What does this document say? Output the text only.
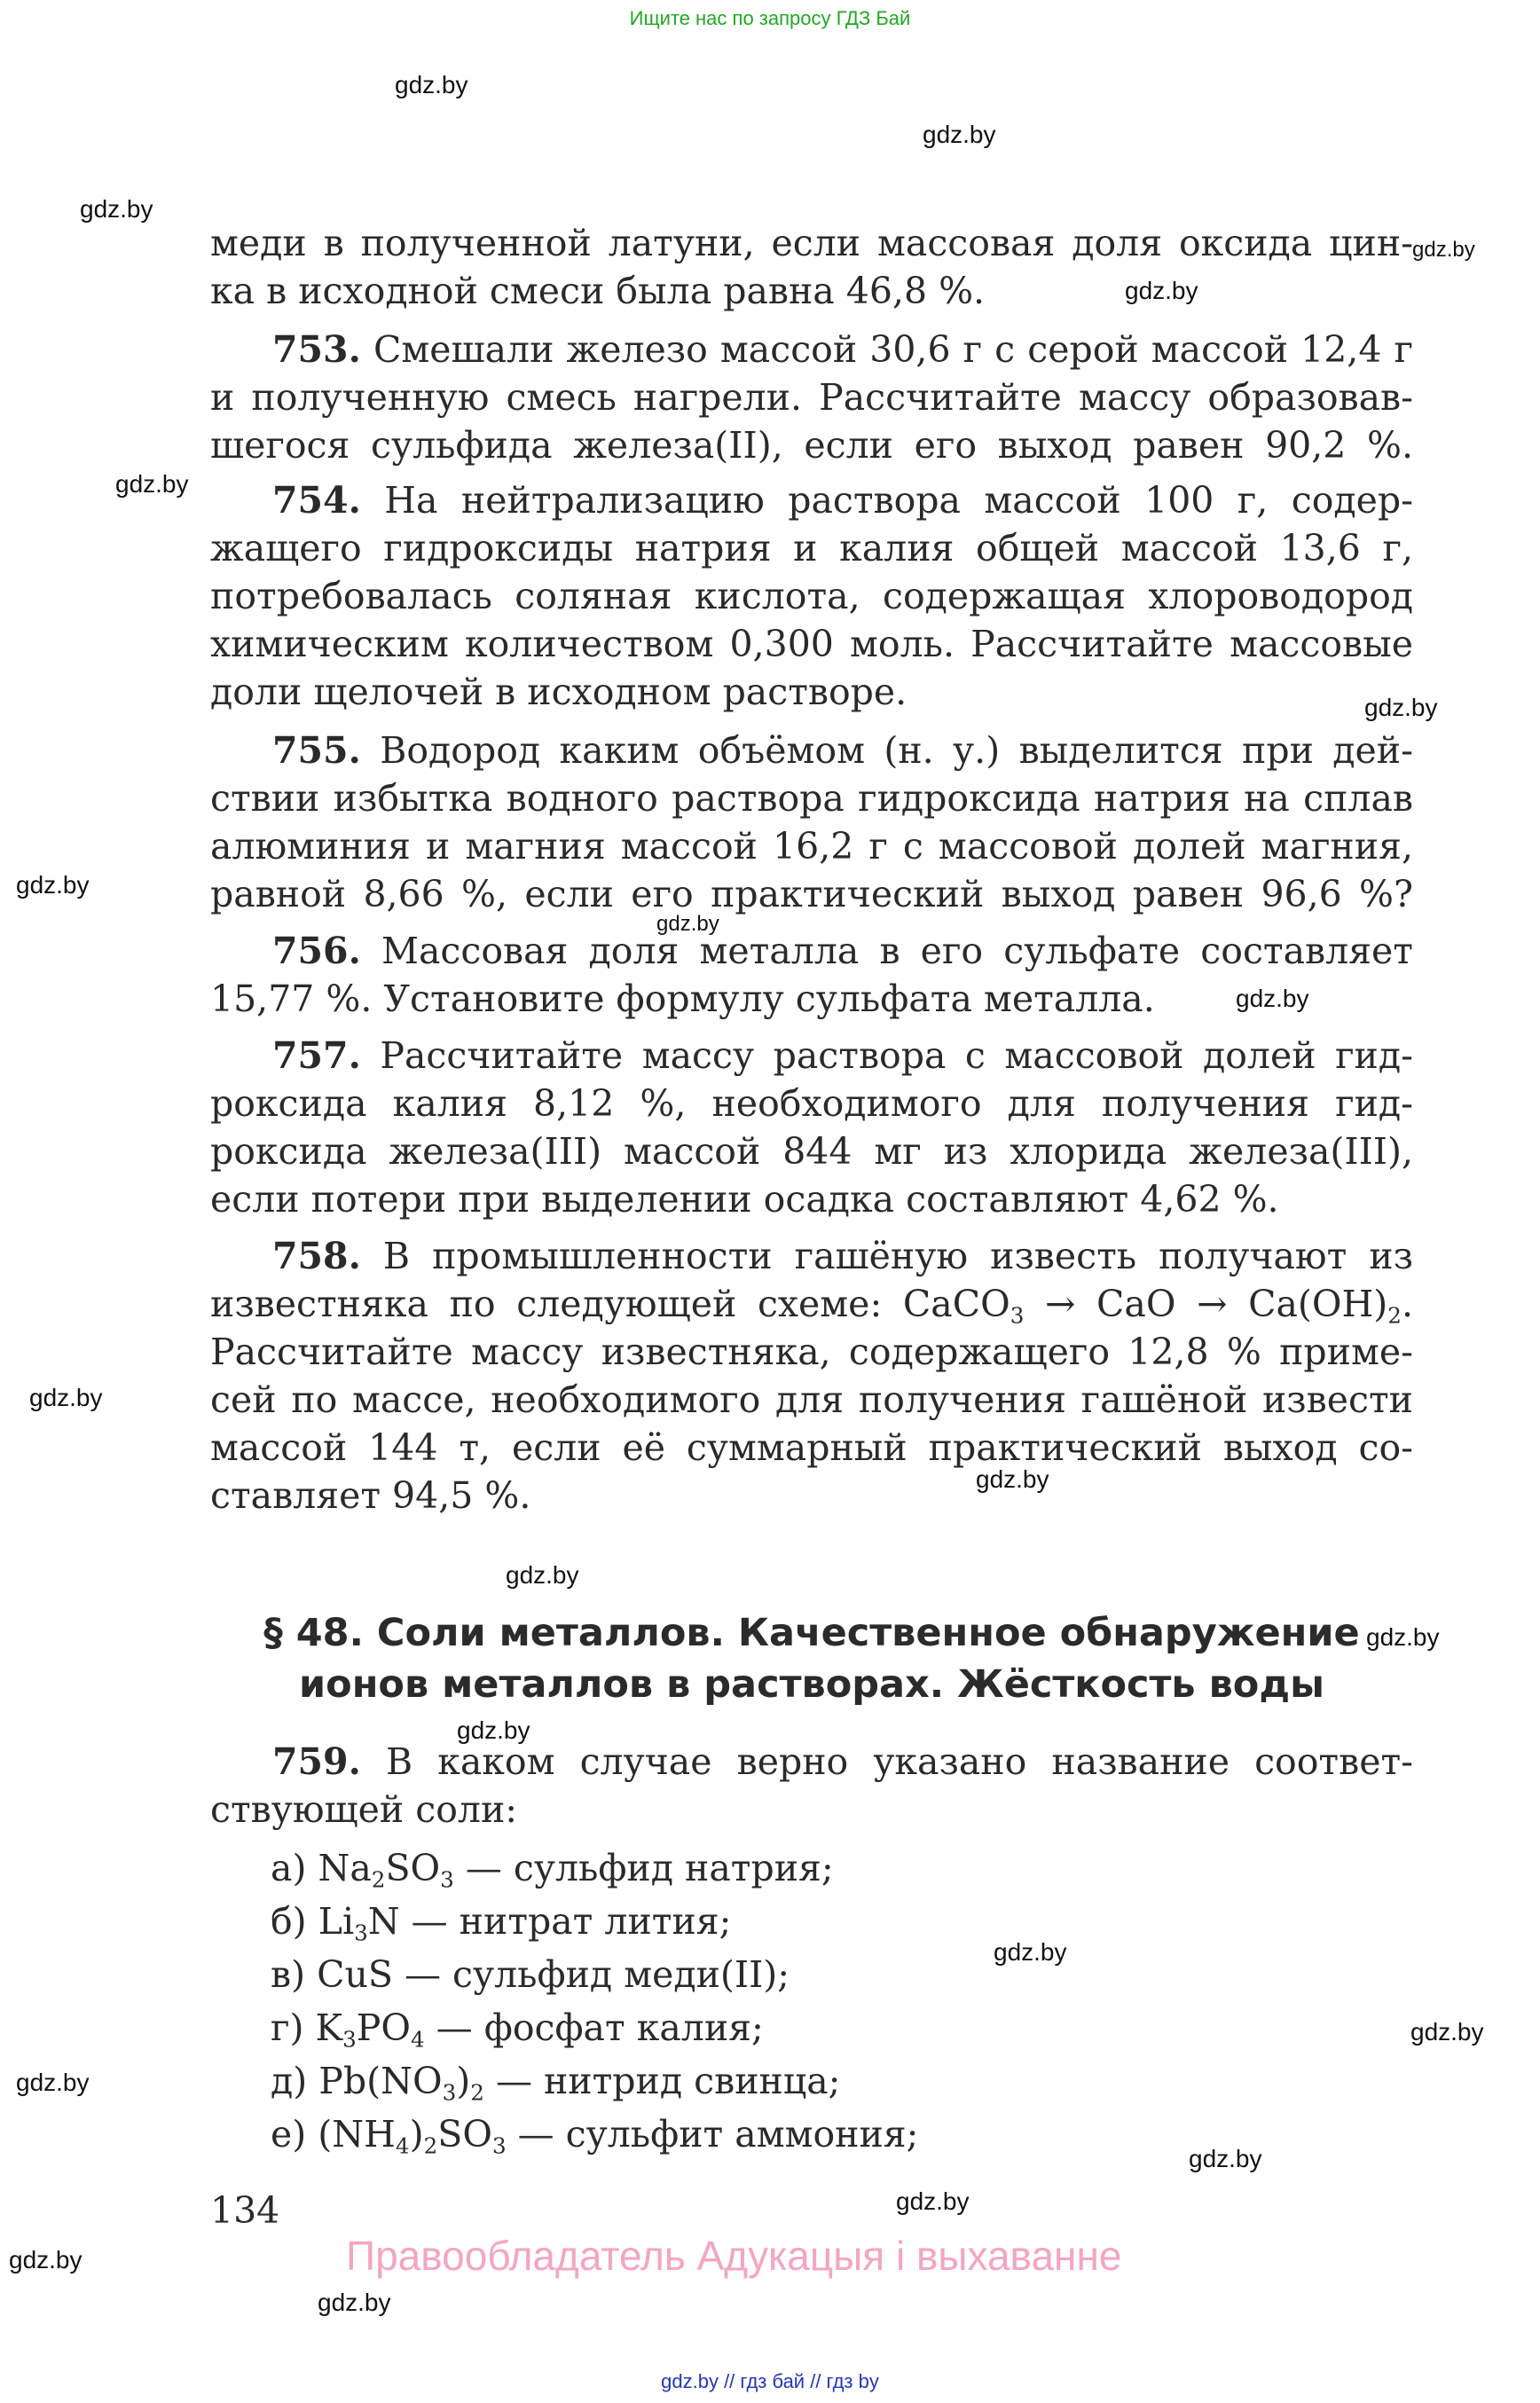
Ищите нас по запросу ГДЗ Бай
gdz.by
gdz.by
gdz.by
gdz.by
gdz.by
gdz.by
gdz.by
gdz.by
gdz.by
gdz.by
gdz.by
gdz.by
gdz.by
gdz.by
gdz.by
gdz.by
gdz.by
gdz.by
gdz.by
gdz.by
gdz.by
gdz.by
меди в полученной латуни, если массовая доля оксида цин-
ка в исходной смеси была равна 46,8 %.
753. Смешали железо массой 30,6 г с серой массой 12,4 г
и полученную смесь нагрели. Рассчитайте массу образовав-
шегося сульфида железа(II), если его выход равен 90,2 %.
754. На нейтрализацию раствора массой 100 г, содер-
жащего гидроксиды натрия и калия общей массой 13,6 г,
потребовалась соляная кислота, содержащая хлороводород
химическим количеством 0,300 моль. Рассчитайте массовые
доли щелочей в исходном растворе.
755. Водород каким объёмом (н. у.) выделится при дей-
ствии избытка водного раствора гидроксида натрия на сплав
алюминия и магния массой 16,2 г с массовой долей магния,
равной 8,66 %, если его практический выход равен 96,6 %?
756. Массовая доля металла в его сульфате составляет
15,77 %. Установите формулу сульфата металла.
757. Рассчитайте массу раствора с массовой долей гид-
роксида калия 8,12 %, необходимого для получения гид-
роксида железа(III) массой 844 мг из хлорида железа(III),
если потери при выделении осадка составляют 4,62 %.
758. В промышленности гашёную известь получают из
известняка по следующей схеме: CaCO$_3$ → CaO → $Ca(OH)_2$.
Рассчитайте массу известняка, содержащего 12,8 % приме-
сей по массе, необходимого для получения гашёной извести
массой 144 т, если её суммарный практический выход со-
ставляет 94,5 %.
§ 48. Соли металлов. Качественное обнаружение
ионов металлов в растворах. Жёсткость воды
759. В каком случае верно указано название соответ-
ствующей соли:
а) $Na_2SO_3$ — сульфид натрия;
б) $Li_3N$ — нитрат лития;
в) CuS — сульфид меди(II);
г) $K_3PO_4$ — фосфат калия;
д) $Pb(NO_3)_2$ — нитрид свинца;
е) $(NH_4)_2SO_3$ — сульфит аммония;
134
Правообладатель Адукацыя і выхаванне
gdz.by // гдз бай // гдз by
